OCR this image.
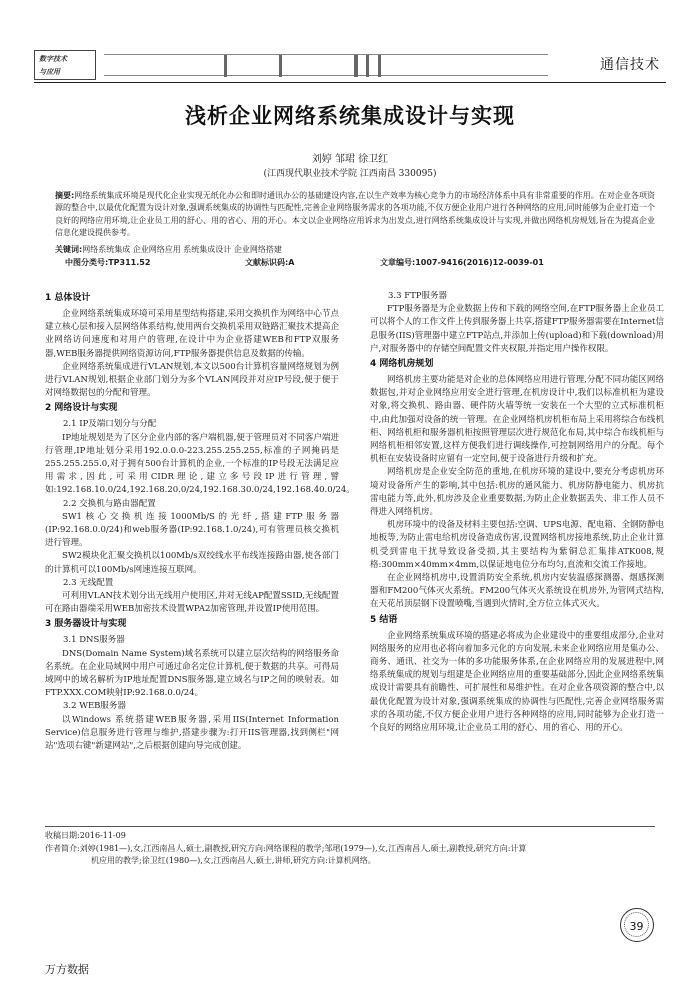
数字技术
与应用	通信技术
浅析企业网络系统集成设计与实现
刘婷 邹珺 徐卫红
(江西现代职业技术学院 江西南昌 330095)
摘要:网络系统集成环境是现代化企业实现无纸化办公和即时通讯办公的基础建设内容,在以生产效率为核心竞争力的市场经济体系中具有非常重要的作用。在对企业各项资源的整合中,以最优化配置为设计对象,强调系统集成的协调性与匹配性,完善企业网络服务需求的各项功能,不仅方便企业用户进行各种网络的应用,同时能够为企业打造一个良好的网络应用环境,让企业员工用的舒心、用的省心、用的开心。本文以企业网络应用诉求为出发点,进行网络系统集成设计与实现,并做出网络机房规划,旨在为提高企业信息化建设提供参考。
关键词:网络系统集成 企业网络应用 系统集成设计 企业网络搭建
中图分类号:TP311.52	文献标识码:A	文章编号:1007-9416(2016)12-0039-01
1 总体设计
企业网络系统集成环境可采用星型结构搭建,采用交换机作为网络中心节点建立核心层和接入层网络体系结构,使用两台交换机采用双链路汇聚技术提高企业网络访问速度和对用户的管理,在设计中为企业搭建WEB和FTP双服务器,WEB服务器提供网络资源访问,FTP服务器提供信息及数据的传输。
企业网络系统集成进行VLAN规划,本文以500台计算机容量网络规划为例进行VLAN规划,根据企业部门划分为多个VLAN网段并对应IP号段,便于便于对网络数据包的分配和管理。
2 网络设计与实现
2.1 IP及端口划分与分配
IP地址规划是为了区分企业内部的客户端机器,便于管理员对不同客户端进行管理,IP地址划分采用192.0.0.0-223.255.255.255,标准的子网掩码是255.255.255.0,对于拥有500台计算机的企业,一个标准的IP号段无法满足应用需求,因此,可采用CIDR理论,建立多号段IP进行管理,譬如:192.168.10.0/24,192.168.20.0/24,192.168.30.0/24,192.168.40.0/24。
2.2 交换机与路由器配置
SW1核心交换机连接1000Mb/S的光纤,搭建FTP服务器(IP:92.168.0.0/24)和web服务器(IP:92.168.1.0/24),可有管理员核交换机进行管理。
SW2模块化汇聚交换机以100Mb/s双绞线水平布线连接路由器,使各部门的计算机可以100Mb/s网速连接互联网。
2.3 无线配置
可利用VLAN技术划分出无线用户使用区,并对无线AP配置SSID,无线配置可在路由器端采用WEB加密技术设置WPA2加密管理,并设置IP使用范围。
3 服务器设计与实现
3.1 DNS服务器
DNS(Domain Name System)域名系统可以建立层次结构的网络服务命名系统。在企业局域网中用户可通过命名定位计算机,便于数据的共享。可得局域网中的域名解析为IP地址配置DNS服务器,建立域名与IP之间的映射表。如FTP.XXX.COM映射IP:92.168.0.0/24。
3.2 WEB服务器
以Windows 系统搭建WEB服务器,采用IIS(Internet Information Service)信息服务进行管理与维护,搭建步骤为:打开IIS管理器,找到侧栏"网站"选项右键"新建网站",之后根据创建向导完成创建。
3.3 FTP服务器
FTP服务器是为企业数据上传和下载的网络空间,在FTP服务器上企业员工可以将个人的工作文件上传到服务器上共享,搭建FTP服务器需要在Internet信息服务(IIS)管理器中建立FTP站点,并添加上传(upload)和下载(download)用户,对服务器中的存储空间配置文件夹权限,并指定用户操作权限。
4 网络机房规划
网络机房主要功能是对企业的总体网络应用进行管理,分配不同功能区网络数据包,并对企业网络应用安全进行管理,在机房设计中,我们以标准机柜为建设对象,将交换机、路由器、硬件防火墙等统一安装在一个大型的立式标准机柜中,由此加强对设备的统一管理。在企业网络机房机柜布局上采用将综合布线机柜、网络机柜和服务器机柜按照管理层次进行规范化布局,其中综合布线机柜与网络机柜相邻安置,这样方便我们进行调线操作,可控制网络用户的分配。每个机柜在安装设备时应留有一定空间,便于设备进行升级和扩充。
网络机房是企业安全防范的重地,在机房环境的建设中,要充分考虑机房环境对设备所产生的影响,其中包括:机房的通风能力、机房防静电能力、机房抗雷电能力等,此外,机房涉及企业重要数据,为防止企业数据丢失、非工作人员不得进入网络机房。
机房环境中的设备及材料主要包括:空调、UPS电源、配电箱、全钢防静电地板等,为防止雷电给机房设备造成伤害,设置网络机房接地系统,防止企业计算机受到雷电干扰导致设备受损,其主要结构为紫铜总汇集排ATK008,规格:300mm×40mm×4mm,以保证地电位分布均匀,直流和交流工作接地。
在企业网络机房中,设置消防安全系统,机房内安装温感探测器、烟感探测器和FM200气体灭火系统。FM200气体灭火系统设在机房外,为管网式结构,在天花吊顶层钢下设置喷嘴,当遇到火情时,全方位立体式灭火。
5 结语
企业网络系统集成环境的搭建必将成为企业建设中的重要组成部分,企业对网络服务的应用也必将向着加多元化的方向发展,未来企业网络应用是集办公、商务、通讯、社交为一体的多功能服务体系,在企业网络应用的发展进程中,网络系统集成的规划与组建是企业网络应用的重要基础部分,因此企业网络系统集成设计需要具有前瞻性、可扩展性和易维护性。在对企业各项资源的整合中,以最优化配置为设计对象,强调系统集成的协调性与匹配性,完善企业网络服务需求的各项功能,不仅方便企业用户进行各种网络的应用,同时能够为企业打造一个良好的网络应用环境,让企业员工用的舒心、用的省心、用的开心。
收稿日期:2016-11-09
作者简介:刘婷(1981—),女,江西南昌人,硕士,副教授,研究方向:网络课程的教学;邹珺(1979—),女,江西南昌人,硕士,副教授,研究方向:计算
机应用的教学;徐卫红(1980—),女,江西南昌人,硕士,讲师,研究方向:计算机网络。
39
万方数据
